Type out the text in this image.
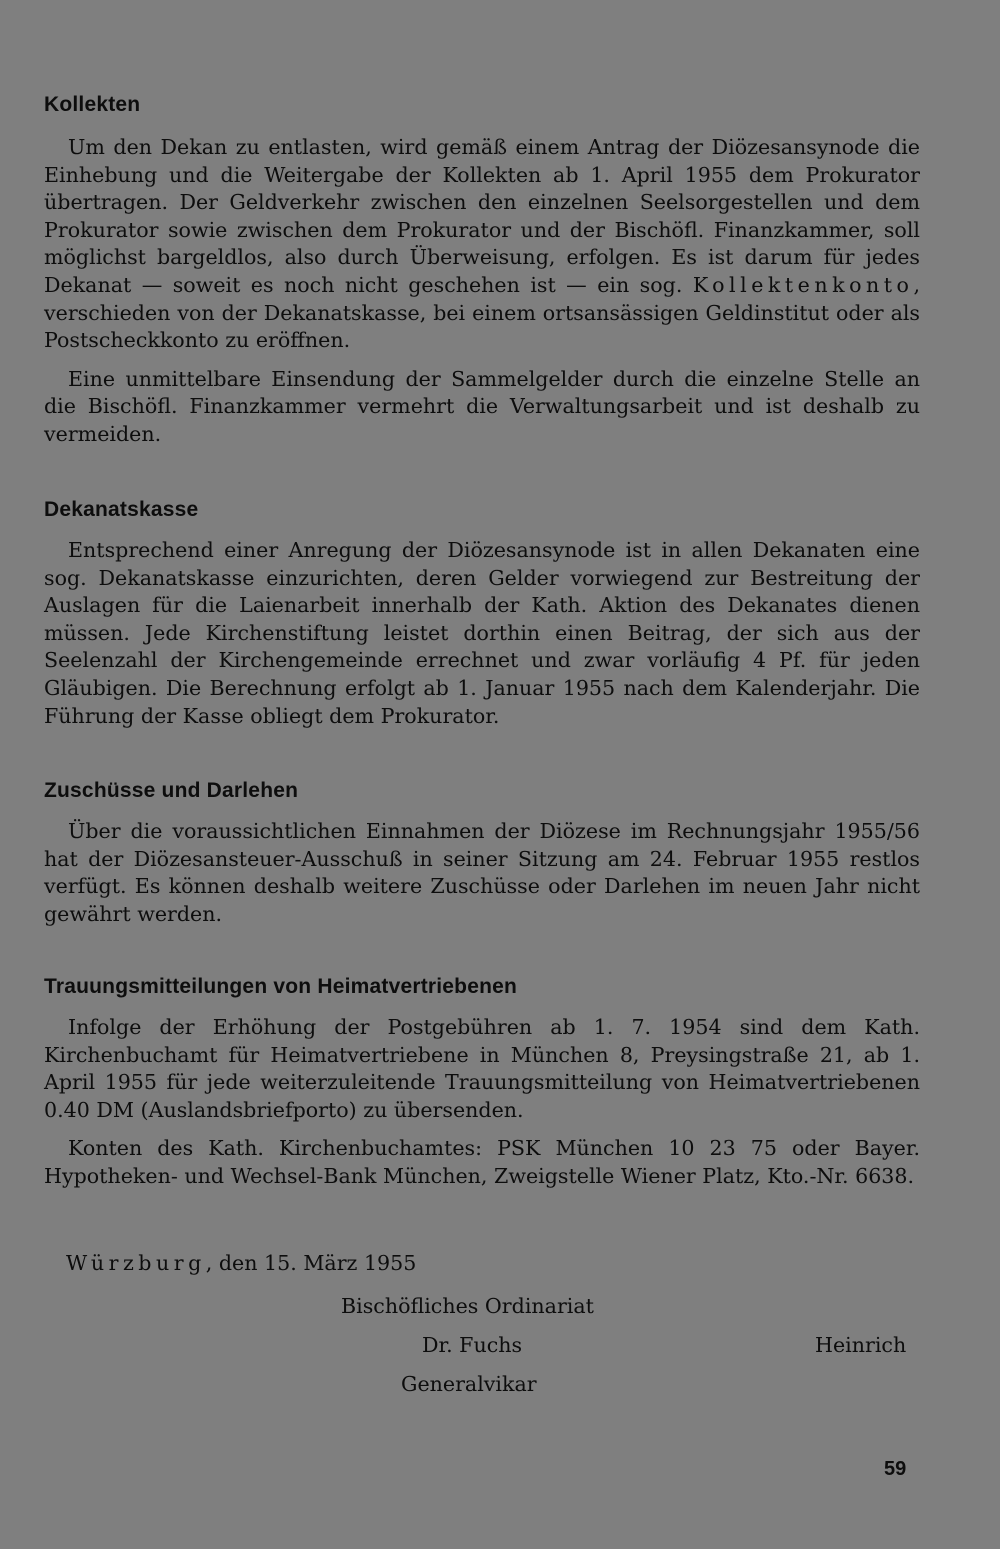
Kollekten

Um den Dekan zu entlasten, wird gemäß einem Antrag der Diözesansynode die Einhebung und die Weitergabe der Kollekten ab 1. April 1955 dem Prokurator übertragen. Der Geldverkehr zwischen den einzelnen Seelsorgestellen und dem Prokurator sowie zwischen dem Prokurator und der Bischöfl. Finanzkammer, soll möglichst bargeldlos, also durch Überweisung, erfolgen. Es ist darum für jedes Dekanat — soweit es noch nicht geschehen ist — ein sog. Kollektenkonto, verschieden von der Dekanatskasse, bei einem ortsansässigen Geldinstitut oder als Postscheckkonto zu eröffnen.

Eine unmittelbare Einsendung der Sammelgelder durch die einzelne Stelle an die Bischöfl. Finanzkammer vermehrt die Verwaltungsarbeit und ist deshalb zu vermeiden.

Dekanatskasse

Entsprechend einer Anregung der Diözesansynode ist in allen Dekanaten eine sog. Dekanatskasse einzurichten, deren Gelder vorwiegend zur Bestreitung der Auslagen für die Laienarbeit innerhalb der Kath. Aktion des Dekanates dienen müssen. Jede Kirchenstiftung leistet dorthin einen Beitrag, der sich aus der Seelenzahl der Kirchengemeinde errechnet und zwar vorläufig 4 Pf. für jeden Gläubigen. Die Berechnung erfolgt ab 1. Januar 1955 nach dem Kalenderjahr. Die Führung der Kasse obliegt dem Prokurator.

Zuschüsse und Darlehen

Über die voraussichtlichen Einnahmen der Diözese im Rechnungsjahr 1955/56 hat der Diözesansteuer-Ausschuß in seiner Sitzung am 24. Februar 1955 restlos verfügt. Es können deshalb weitere Zuschüsse oder Darlehen im neuen Jahr nicht gewährt werden.

Trauungsmitteilungen von Heimatvertriebenen

Infolge der Erhöhung der Postgebühren ab 1. 7. 1954 sind dem Kath. Kirchenbuchamt für Heimatvertriebene in München 8, Preysingstraße 21, ab 1. April 1955 für jede weiterzuleitende Trauungsmitteilung von Heimatvertriebenen 0.40 DM (Auslandsbriefporto) zu übersenden.

Konten des Kath. Kirchenbuchamtes: PSK München 10 23 75 oder Bayer. Hypotheken- und Wechsel-Bank München, Zweigstelle Wiener Platz, Kto.-Nr. 6638.

Würzburg, den 15. März 1955
Bischöfliches Ordinariat
Dr. Fuchs	Heinrich
Generalvikar
59
